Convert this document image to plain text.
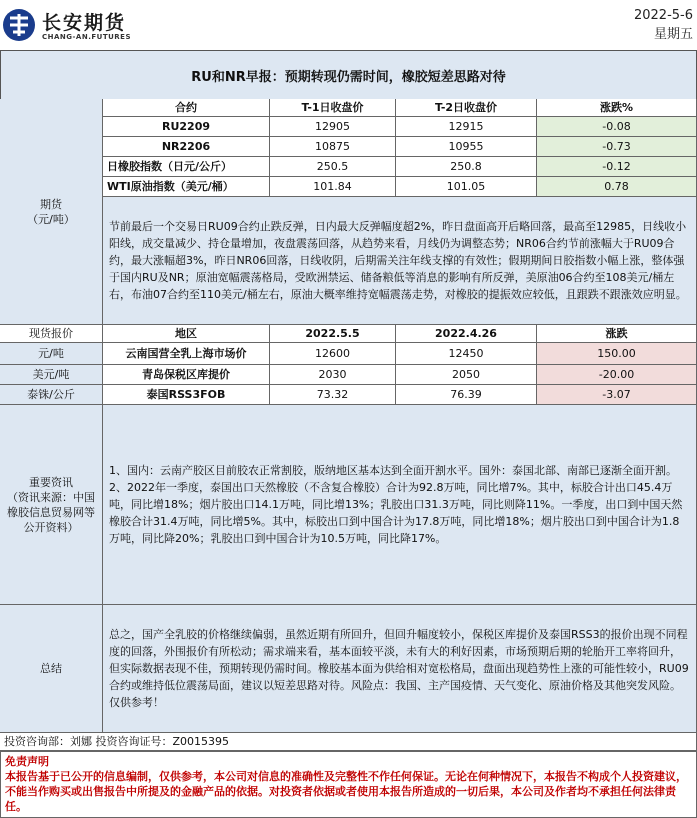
长安期货
CHANG-AN.FUTURES
2022-5-6
星期五
RU和NR早报：预期转现仍需时间，橡胶短差思路对待
期货
（元/吨）
合约	T-1日收盘价	T-2日收盘价	涨跌%
RU2209	12905	12915	-0.08
NR2206	10875	10955	-0.73
日橡胶指数（日元/公斤）	250.5	250.8	-0.12
WTI原油指数（美元/桶）	101.84	101.05	0.78
节前最后一个交易日RU09合约止跌反弹，日内最大反弹幅度超2%，昨日盘面高开后略回落，最高至12985，日线收小阳线，成交量减少、持仓量增加，夜盘震荡回落，从趋势来看，月线仍为调整态势；NR06合约节前涨幅大于RU09合约，最大涨幅超3%，昨日NR06回落，日线收阴，后期需关注年线支撑的有效性；假期期间日胶指数小幅上涨，整体强于国内RU及NR；原油宽幅震荡格局，受欧洲禁运、储备粮低等消息的影响有所反弹，美原油06合约至108美元/桶左右，布油07合约至110美元/桶左右，原油大概率维持宽幅震荡走势，对橡胶的提振效应较低，且跟跌不跟涨效应明显。
现货报价	地区	2022.5.5	2022.4.26	涨跌
元/吨	云南国营全乳上海市场价	12600	12450	150.00
美元/吨	青岛保税区库提价	2030	2050	-20.00
泰铢/公斤	泰国RSS3FOB	73.32	76.39	-3.07
重要资讯
（资讯来源：中国橡胶信息贸易网等公开资料）
1、国内：云南产胶区目前胶农正常割胶，版纳地区基本达到全面开割水平。国外：泰国北部、南部已逐渐全面开割。
2、2022年一季度，泰国出口天然橡胶（不含复合橡胶）合计为92.8万吨，同比增7%。其中，标胶合计出口45.4万吨，同比增18%；烟片胶出口14.1万吨，同比增13%；乳胶出口31.3万吨，同比则降11%。一季度，出口到中国天然橡胶合计31.4万吨，同比增5%。其中，标胶出口到中国合计为17.8万吨，同比增18%；烟片胶出口到中国合计为1.8万吨，同比降20%；乳胶出口到中国合计为10.5万吨，同比降17%。
总结
总之，国产全乳胶的价格继续偏弱，虽然近期有所回升，但回升幅度较小，保税区库提价及泰国RSS3的报价出现不同程度的回落，外围报价有所松动；需求端来看，基本面较平淡，未有大的利好因素，市场预期后期的轮胎开工率将回升，但实际数据表现不佳，预期转现仍需时间。橡胶基本面为供给相对宽松格局，盘面出现趋势性上涨的可能性较小，RU09合约或维持低位震荡局面，建议以短差思路对待。风险点：我国、主产国疫情、天气变化、原油价格及其他突发风险。仅供参考！
投资咨询部：刘娜 投资咨询证号：Z0015395
免责声明
本报告基于已公开的信息编制，仅供参考，本公司对信息的准确性及完整性不作任何保证。无论在何种情况下，本报告不构成个人投资建议，不能当作购买或出售报告中所提及的金融产品的依据。对投资者依据或者使用本报告所造成的一切后果，本公司及作者均不承担任何法律责任。
